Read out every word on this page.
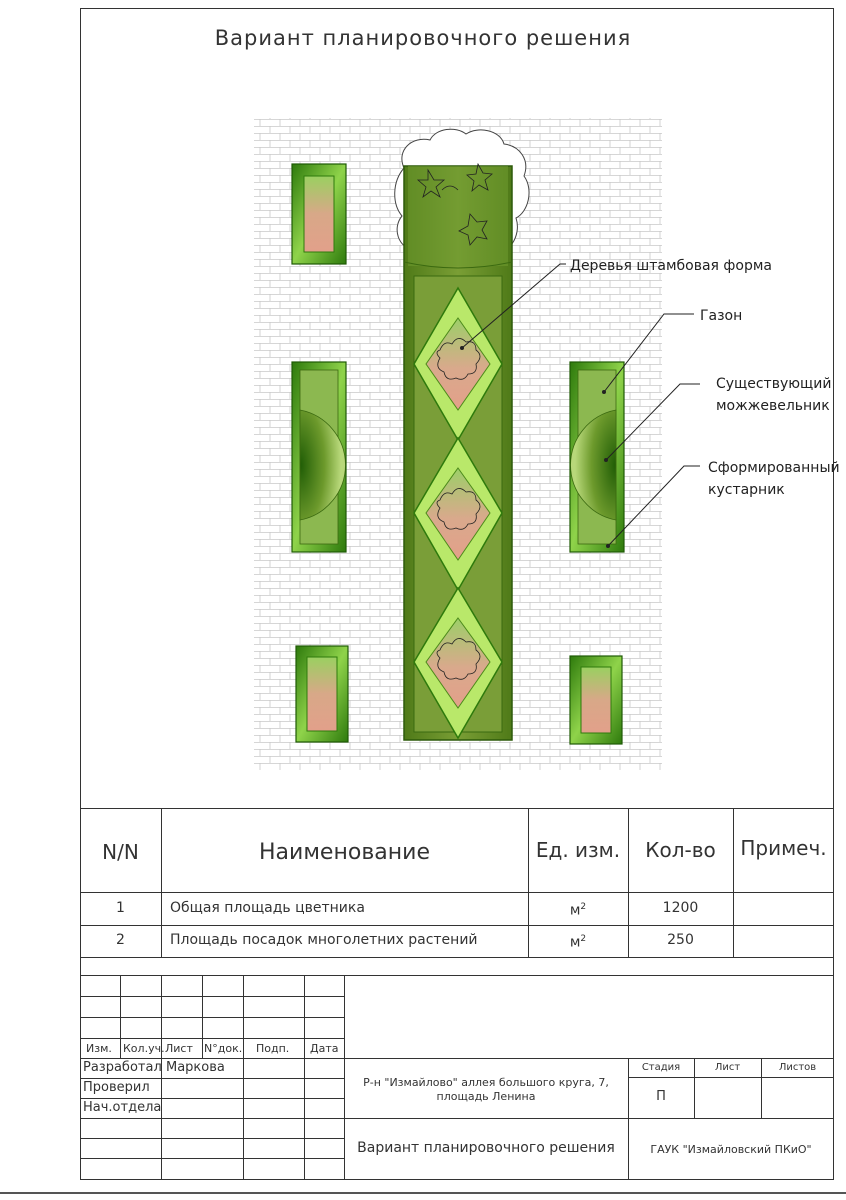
Вариант планировочного решения
Деревья штамбовая форма
Газон
Существующий
можжевельник
Сформированный
кустарник
N/N	Наименование	Ед. изм.	Кол-во	Примеч.
1	Общая площадь цветника	$м^2$	1200
2	Площадь посадок многолетних растений	$м^2$	250
Изм. Кол.уч. Лист N°док. Подп. Дата
Разработал Маркова
Проверил
Нач.отдела
Р-н "Измайлово" аллея большого круга, 7, площадь Ленина
Стадия	Лист	Листов
П
Вариант планировочного решения	ГАУК "Измайловский ПКиО"
